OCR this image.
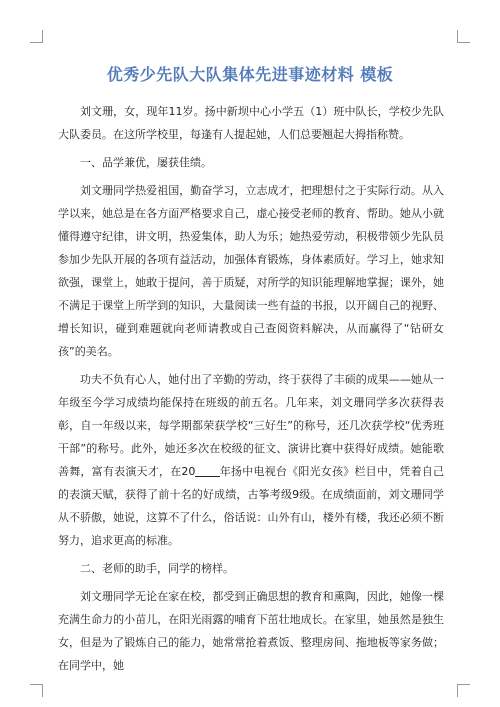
优秀少先队大队集体先进事迹材料 模板

刘文珊，女，现年11岁。扬中新坝中心小学五（1）班中队长，学校少先队大队委员。在这所学校里，每逢有人提起她，人们总要翘起大拇指称赞。

一、品学兼优，屡获佳绩。

刘文珊同学热爱祖国，勤奋学习，立志成才，把理想付之于实际行动。从入学以来，她总是在各方面严格要求自己，虚心接受老师的教育、帮助。她从小就懂得遵守纪律，讲文明，热爱集体，助人为乐；她热爱劳动，积极带领少先队员参加少先队开展的各项有益活动，加强体育锻炼，身体素质好。学习上，她求知欲强，课堂上，她敢于提问，善于质疑，对所学的知识能理解地掌握；课外，她不满足于课堂上所学到的知识，大量阅读一些有益的书报，以开阔自己的视野、增长知识，碰到难题就向老师请教或自己查阅资料解决，从而赢得了“钻研女孩”的美名。

功夫不负有心人，她付出了辛勤的劳动，终于获得了丰硕的成果——她从一年级至今学习成绩均能保持在班级的前五名。几年来，刘文珊同学多次获得表彰，自一年级以来，每学期都荣获学校“三好生”的称号，还几次获学校“优秀班干部”的称号。此外，她还多次在校级的征文、演讲比赛中获得好成绩。她能歌善舞，富有表演天才，在20 年扬中电视台《阳光女孩》栏目中，凭着自己的表演天赋，获得了前十名的好成绩，古筝考级9级。在成绩面前，刘文珊同学从不骄傲，她说，这算不了什么，俗话说：山外有山，楼外有楼，我还必须不断努力，追求更高的标准。

二、老师的助手，同学的榜样。

刘文珊同学无论在家在校，都受到正确思想的教育和熏陶，因此，她像一棵充满生命力的小苗儿，在阳光雨露的哺育下茁壮地成长。在家里，她虽然是独生女，但是为了锻炼自己的能力，她常常抢着煮饭、整理房间、拖地板等家务做；在同学中，她
